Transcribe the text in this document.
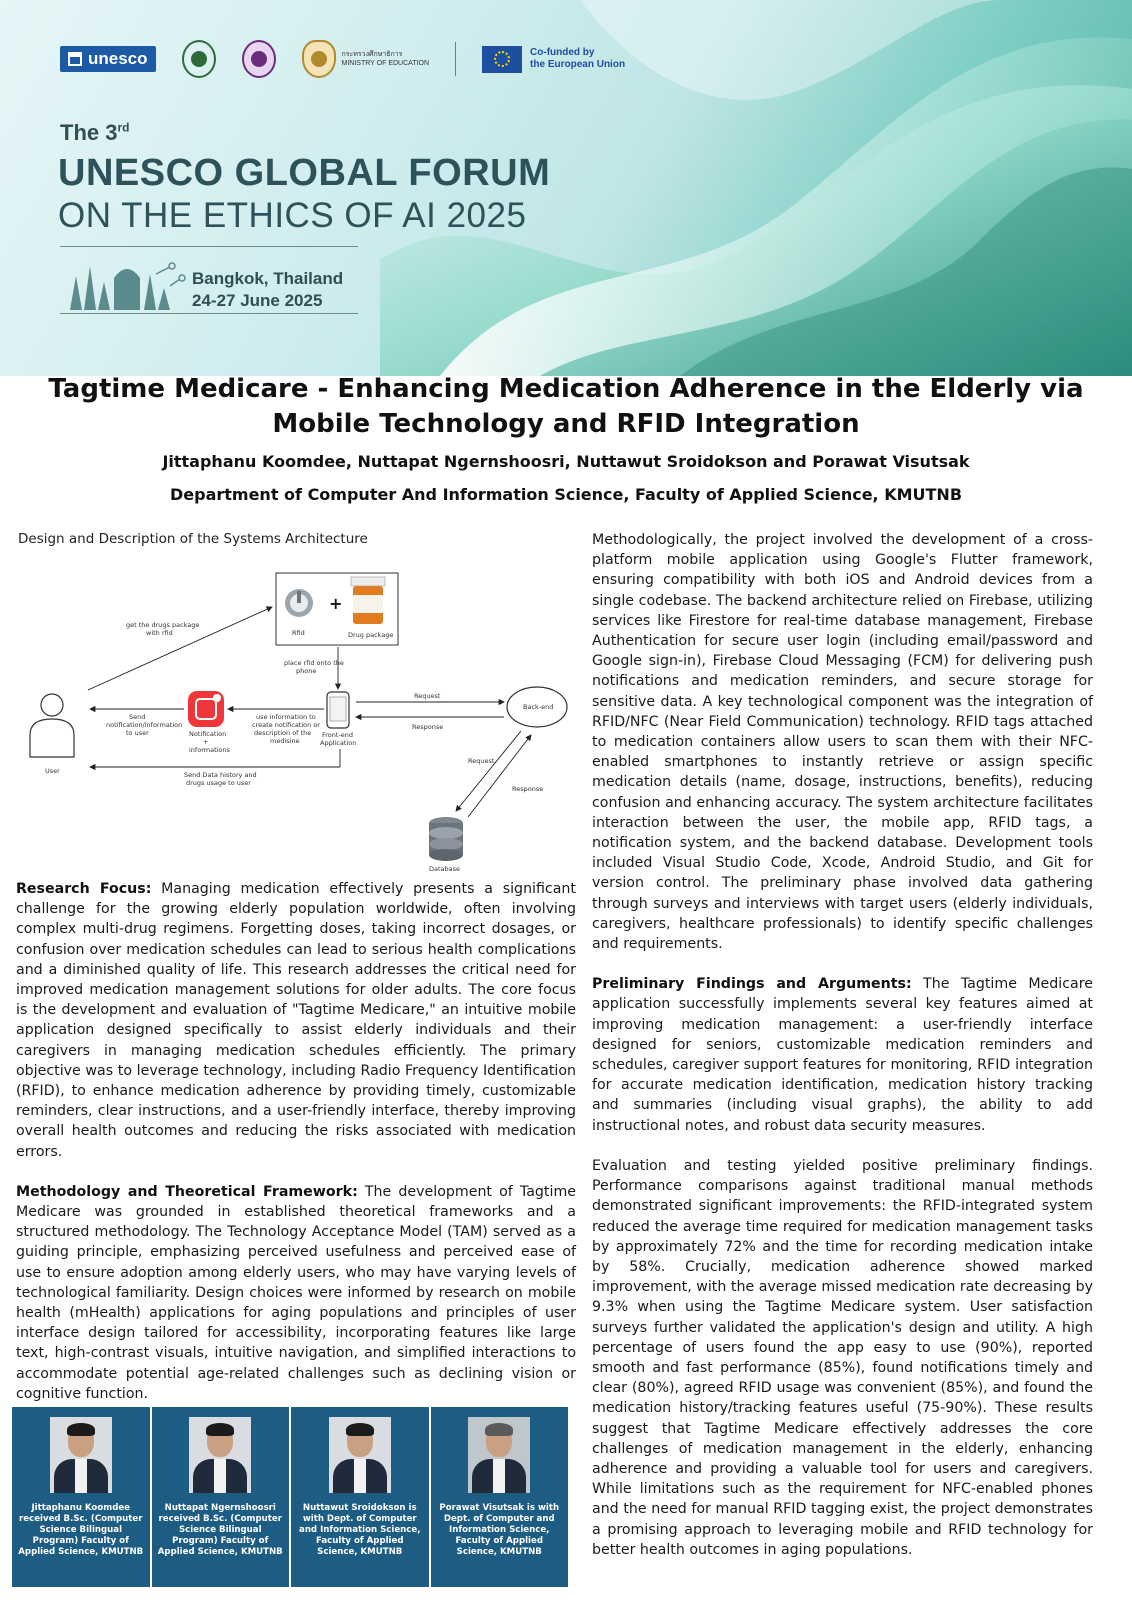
unesco	กระทรวงศึกษาธิการ
MINISTRY OF EDUCATION
Co-funded by
the European Union
The 3rd
UNESCO GLOBAL FORUM
ON THE ETHICS OF AI 2025
Bangkok, Thailand
24-27 June 2025
Tagtime Medicare - Enhancing Medication Adherence in the Elderly via Mobile Technology and RFID Integration
Jittaphanu Koomdee, Nuttapat Ngernshoosri, Nuttawut Sroidokson and Porawat Visutsak
Department of Computer And Information Science, Faculty of Applied Science, KMUTNB
Design and Description of the Systems Architecture
User
+
Rfid	Drug package
Front-end
Application
Notification
+
informations
Back-end
Database
get the drugs package
with rfid
place rfid onto the
phone
use information to
create notification or
description of the
medisine
Send
notification/information
to user
Request
Response
Send Data history and
drugs usage to user
Request
Response

Research Focus: Managing medication effectively presents a significant challenge for the growing elderly population worldwide, often involving complex multi-drug regimens. Forgetting doses, taking incorrect dosages, or confusion over medication schedules can lead to serious health complications and a diminished quality of life. This research addresses the critical need for improved medication management solutions for older adults. The core focus is the development and evaluation of "Tagtime Medicare," an intuitive mobile application designed specifically to assist elderly individuals and their caregivers in managing medication schedules efficiently. The primary objective was to leverage technology, including Radio Frequency Identification (RFID), to enhance medication adherence by providing timely, customizable reminders, clear instructions, and a user-friendly interface, thereby improving overall health outcomes and reducing the risks associated with medication errors.

Methodology and Theoretical Framework: The development of Tagtime Medicare was grounded in established theoretical frameworks and a structured methodology. The Technology Acceptance Model (TAM) served as a guiding principle, emphasizing perceived usefulness and perceived ease of use to ensure adoption among elderly users, who may have varying levels of technological familiarity. Design choices were informed by research on mobile health (mHealth) applications for aging populations and principles of user interface design tailored for accessibility, incorporating features like large text, high-contrast visuals, intuitive navigation, and simplified interactions to accommodate potential age-related challenges such as declining vision or cognitive function.

Methodologically, the project involved the development of a cross-platform mobile application using Google's Flutter framework, ensuring compatibility with both iOS and Android devices from a single codebase. The backend architecture relied on Firebase, utilizing services like Firestore for real-time database management, Firebase Authentication for secure user login (including email/password and Google sign-in), Firebase Cloud Messaging (FCM) for delivering push notifications and medication reminders, and secure storage for sensitive data. A key technological component was the integration of RFID/NFC (Near Field Communication) technology. RFID tags attached to medication containers allow users to scan them with their NFC-enabled smartphones to instantly retrieve or assign specific medication details (name, dosage, instructions, benefits), reducing confusion and enhancing accuracy. The system architecture facilitates interaction between the user, the mobile app, RFID tags, a notification system, and the backend database. Development tools included Visual Studio Code, Xcode, Android Studio, and Git for version control. The preliminary phase involved data gathering through surveys and interviews with target users (elderly individuals, caregivers, healthcare professionals) to identify specific challenges and requirements.

Preliminary Findings and Arguments: The Tagtime Medicare application successfully implements several key features aimed at improving medication management: a user-friendly interface designed for seniors, customizable medication reminders and schedules, caregiver support features for monitoring, RFID integration for accurate medication identification, medication history tracking and summaries (including visual graphs), the ability to add instructional notes, and robust data security measures.

Evaluation and testing yielded positive preliminary findings. Performance comparisons against traditional manual methods demonstrated significant improvements: the RFID-integrated system reduced the average time required for medication management tasks by approximately 72% and the time for recording medication intake by 58%. Crucially, medication adherence showed marked improvement, with the average missed medication rate decreasing by 9.3% when using the Tagtime Medicare system. User satisfaction surveys further validated the application's design and utility. A high percentage of users found the app easy to use (90%), reported smooth and fast performance (85%), found notifications timely and clear (80%), agreed RFID usage was convenient (85%), and found the medication history/tracking features useful (75-90%). These results suggest that Tagtime Medicare effectively addresses the core challenges of medication management in the elderly, enhancing adherence and providing a valuable tool for users and caregivers. While limitations such as the requirement for NFC-enabled phones and the need for manual RFID tagging exist, the project demonstrates a promising approach to leveraging mobile and RFID technology for better health outcomes in aging populations.

Jittaphanu Koomdee received B.Sc. (Computer Science Bilingual Program) Faculty of Applied Science, KMUTNB
Nuttapat Ngernshoosri received B.Sc. (Computer Science Bilingual Program) Faculty of Applied Science, KMUTNB
Nuttawut Sroidokson is with Dept. of Computer and Information Science, Faculty of Applied Science, KMUTNB
Porawat Visutsak is with Dept. of Computer and Information Science, Faculty of Applied Science, KMUTNB
